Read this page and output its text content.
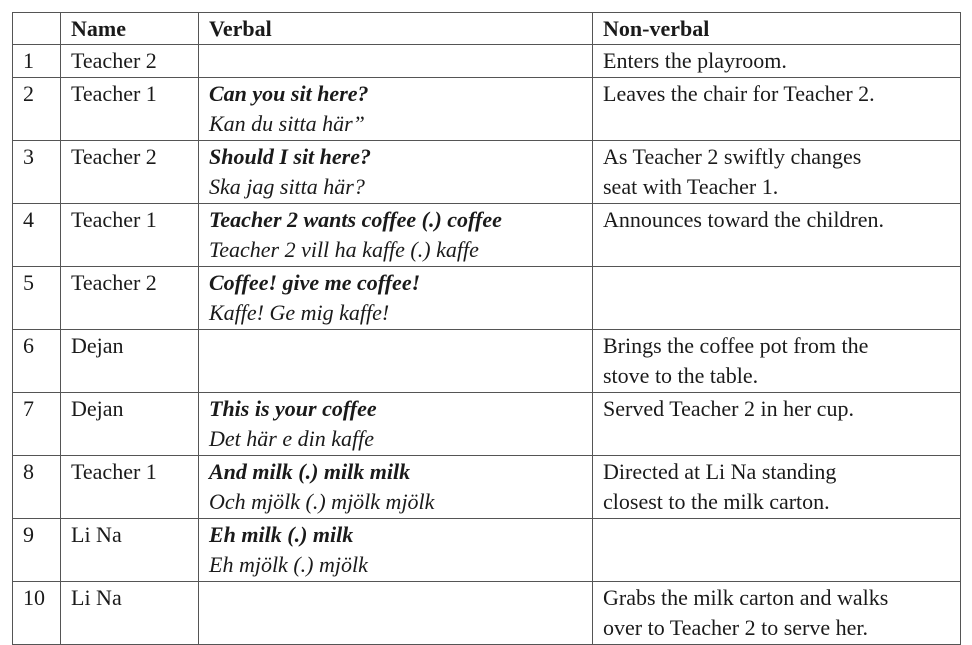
	Name	Verbal	Non-verbal
1	Teacher 2		Enters the playroom.

2	Teacher 1	Can you sit here?
Kan du sitta här”	Leaves the chair for Teacher 2.

3	Teacher 2	Should I sit here?
Ska jag sitta här?	As Teacher 2 swiftly changes
seat with Teacher 1.

4	Teacher 1	Teacher 2 wants coffee (.) coffee
Teacher 2 vill ha kaffe (.) kaffe	Announces toward the children.

5	Teacher 2	Coffee! give me coffee!
Kaffe! Ge mig kaffe!	

6	Dejan		Brings the coffee pot from the
stove to the table.

7	Dejan	This is your coffee
Det här e din kaffe	Served Teacher 2 in her cup.

8	Teacher 1	And milk (.) milk milk
Och mjölk (.) mjölk mjölk	Directed at Li Na standing
closest to the milk carton.

9	Li Na	Eh milk (.) milk
Eh mjölk (.) mjölk	

10	Li Na		Grabs the milk carton and walks
over to Teacher 2 to serve her.
